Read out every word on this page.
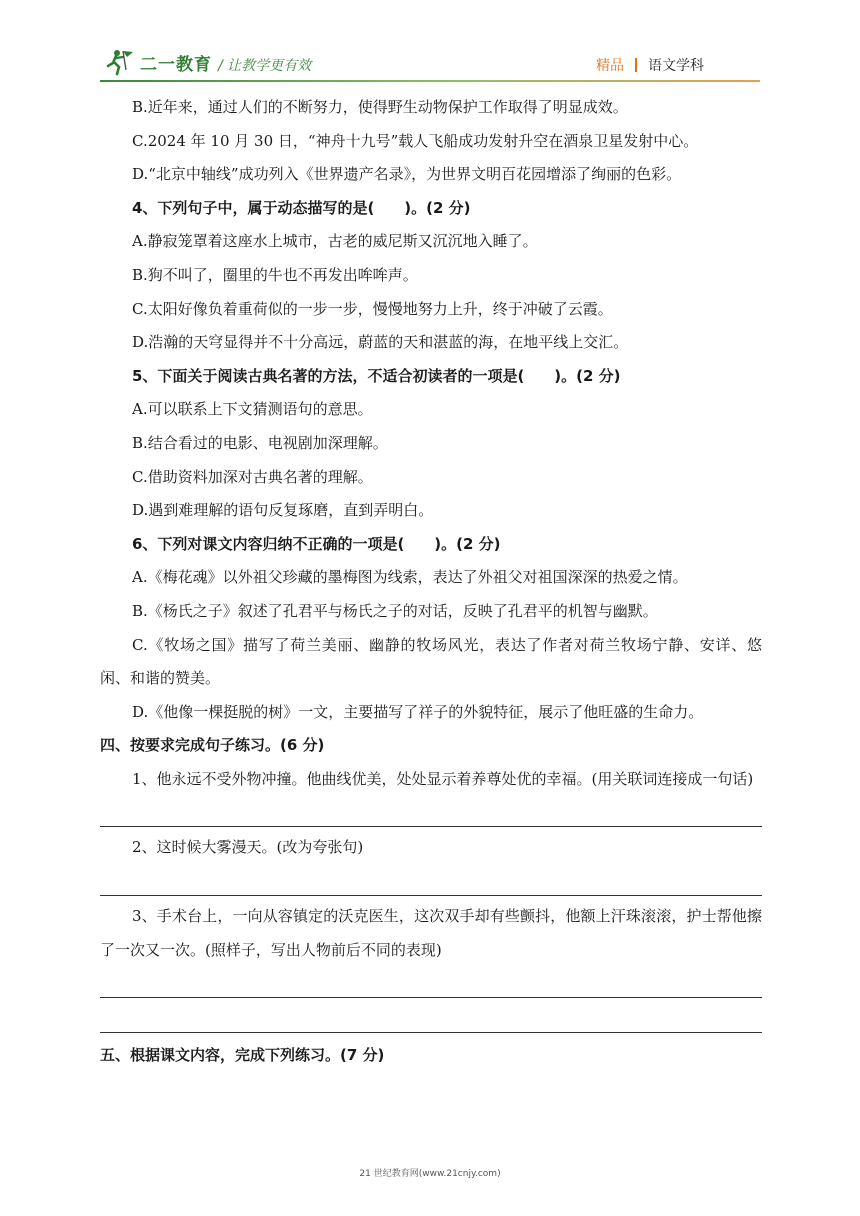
二一教育 / 让教学更有效	精品 语文学科
B.近年来，通过人们的不断努力，使得野生动物保护工作取得了明显成效。
C.2024 年 10 月 30 日，“神舟十九号”载人飞船成功发射升空在酒泉卫星发射中心。
D.“北京中轴线”成功列入《世界遗产名录》，为世界文明百花园增添了绚丽的色彩。
4、下列句子中，属于动态描写的是(　　)。(2 分)
A.静寂笼罩着这座水上城市，古老的威尼斯又沉沉地入睡了。
B.狗不叫了，圈里的牛也不再发出哞哞声。
C.太阳好像负着重荷似的一步一步，慢慢地努力上升，终于冲破了云霞。
D.浩瀚的天穹显得并不十分高远，蔚蓝的天和湛蓝的海，在地平线上交汇。
5、下面关于阅读古典名著的方法，不适合初读者的一项是(　　)。(2 分)
A.可以联系上下文猜测语句的意思。
B.结合看过的电影、电视剧加深理解。
C.借助资料加深对古典名著的理解。
D.遇到难理解的语句反复琢磨，直到弄明白。
6、下列对课文内容归纳不正确的一项是(　　)。(2 分)
A.《梅花魂》以外祖父珍藏的墨梅图为线索，表达了外祖父对祖国深深的热爱之情。
B.《杨氏之子》叙述了孔君平与杨氏之子的对话，反映了孔君平的机智与幽默。
C.《牧场之国》描写了荷兰美丽、幽静的牧场风光，表达了作者对荷兰牧场宁静、安详、悠闲、和谐的赞美。
D.《他像一棵挺脱的树》一文，主要描写了祥子的外貌特征，展示了他旺盛的生命力。
四、按要求完成句子练习。(6 分)
1、他永远不受外物冲撞。他曲线优美，处处显示着养尊处优的幸福。(用关联词连接成一句话)
2、这时候大雾漫天。(改为夸张句)
3、手术台上，一向从容镇定的沃克医生，这次双手却有些颤抖，他额上汗珠滚滚，护士帮他擦了一次又一次。(照样子，写出人物前后不同的表现)
五、根据课文内容，完成下列练习。(7 分)
21 世纪教育网(www.21cnjy.com)
